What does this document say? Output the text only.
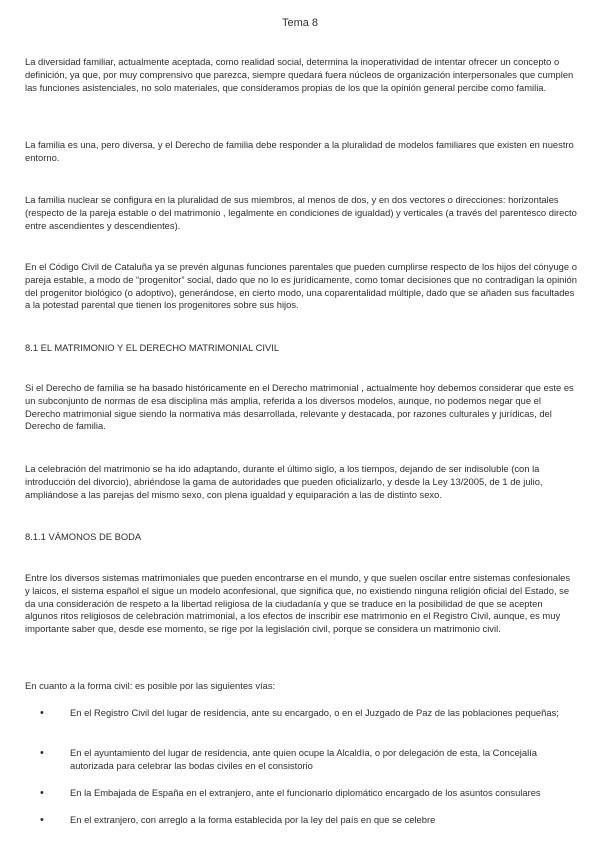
Tema 8

La diversidad familiar, actualmente aceptada, como realidad social, determina la inoperatividad de intentar ofrecer un concepto o definición, ya que, por muy comprensivo que parezca, siempre quedará fuera núcleos de organización interpersonales que cumplen las funciones asistenciales, no solo materiales, que consideramos propias de los que la opinión general percibe como familia.

La familia es una, pero diversa, y el Derecho de familia debe responder a la pluralidad de modelos familiares que existen en nuestro entorno.

La familia nuclear se configura en la pluralidad de sus miembros, al menos de dos, y en dos vectores o direcciones: horizontales (respecto de la pareja estable o del matrimonio , legalmente en condiciones de igualdad) y verticales (a través del parentesco directo entre ascendientes y descendientes).

En el Código Civil de Cataluña ya se prevén algunas funciones parentales que pueden cumplirse respecto de los hijos del cónyuge o pareja estable, a modo de “progenitor” social, dado que no lo es jurídicamente, como tomar decisiones que no contradigan la opinión del progenitor biológico (o adoptivo), generándose, en cierto modo, una coparentalidad múltiple, dado que se añaden sus facultades a la potestad parental que tienen los progenitores sobre sus hijos.

8.1 EL MATRIMONIO Y EL DERECHO MATRIMONIAL CIVIL

Si el Derecho de familia se ha basado históricamente en el Derecho matrimonial , actualmente hoy debemos considerar que este es un subconjunto de normas de esa disciplina más amplia, referida a los diversos modelos, aunque, no podemos negar que el Derecho matrimonial sigue siendo la normativa más desarrollada, relevante y destacada, por razones culturales y jurídicas, del Derecho de familia.

La celebración del matrimonio se ha ido adaptando, durante el último siglo, a los tiempos, dejando de ser indisoluble (con la introducción del divorcio), abriéndose la gama de autoridades que pueden oficializarlo, y desde la Ley 13/2005, de 1 de julio, ampliándose a las parejas del mismo sexo, con plena igualdad y equiparación a las de distinto sexo.

8.1.1 VÁMONOS DE BODA

Entre los diversos sistemas matrimoniales que pueden encontrarse en el mundo, y que suelen oscilar entre sistemas confesionales y laicos, el sistema español el sigue un modelo aconfesional, que significa que, no existiendo ninguna religión oficial del Estado, se da una consideración de respeto a la libertad religiosa de la ciudadanía y que se traduce en la posibilidad de que se acepten algunos ritos religiosos de celebración matrimonial, a los efectos de inscribir ese matrimonio en el Registro Civil, aunque, es muy importante saber que, desde ese momento, se rige por la legislación civil, porque se considera un matrimonio civil.

En cuanto a la forma civil: es posible por las siguientes vías:

•	En el Registro Civil del lugar de residencia, ante su encargado, o en el Juzgado de Paz de las poblaciones pequeñas;
•	En el ayuntamiento del lugar de residencia, ante quien ocupe la Alcaldía, o por delegación de esta, la Concejalía autorizada para celebrar las bodas civiles en el consistorio
•	En la Embajada de España en el extranjero, ante el funcionario diplomático encargado de los asuntos consulares
•	En el extranjero, con arreglo a la forma establecida por la ley del país en que se celebre
